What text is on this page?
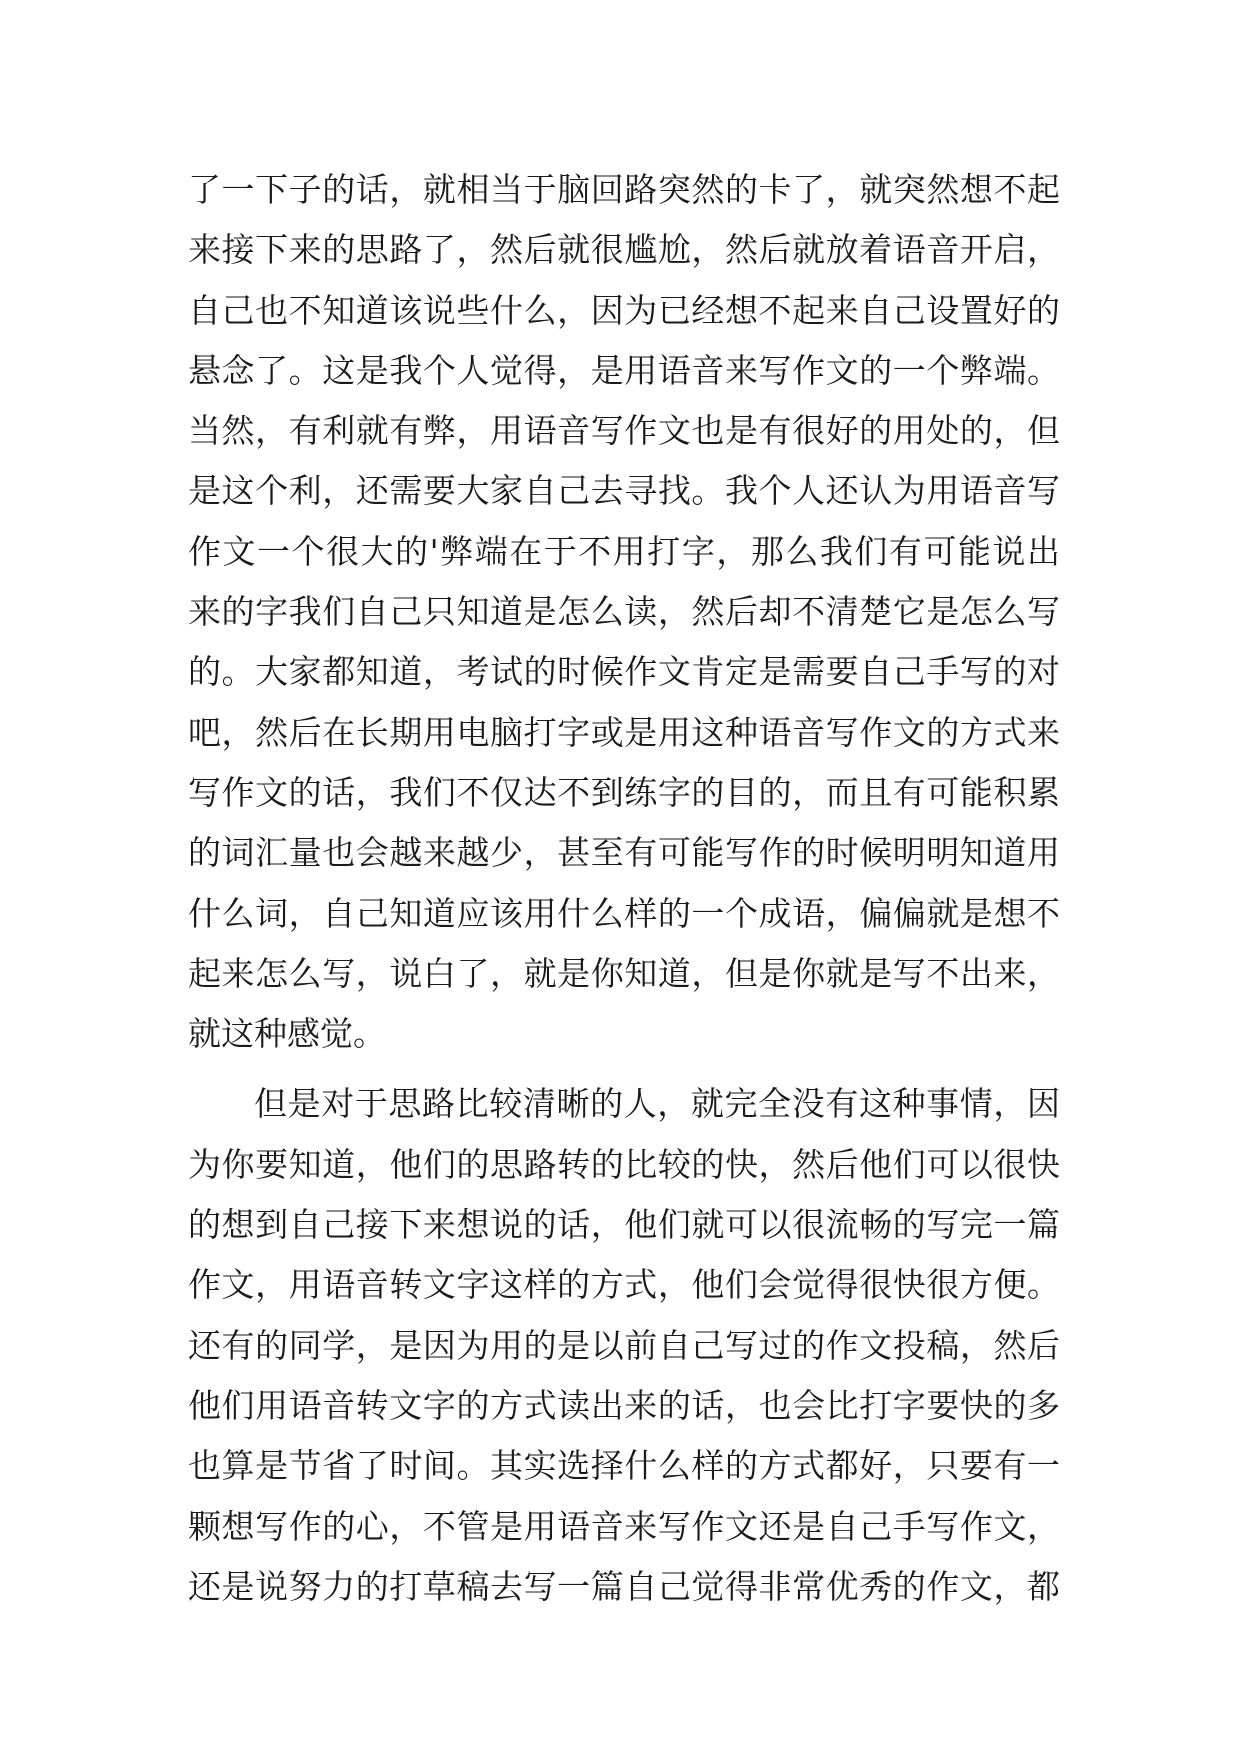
了一下子的话，就相当于脑回路突然的卡了，就突然想不起
来接下来的思路了，然后就很尴尬，然后就放着语音开启，
自己也不知道该说些什么，因为已经想不起来自己设置好的
悬念了。这是我个人觉得，是用语音来写作文的一个弊端。
当然，有利就有弊，用语音写作文也是有很好的用处的，但
是这个利，还需要大家自己去寻找。我个人还认为用语音写
作文一个很大的'弊端在于不用打字，那么我们有可能说出
来的字我们自己只知道是怎么读，然后却不清楚它是怎么写
的。大家都知道，考试的时候作文肯定是需要自己手写的对
吧，然后在长期用电脑打字或是用这种语音写作文的方式来
写作文的话，我们不仅达不到练字的目的，而且有可能积累
的词汇量也会越来越少，甚至有可能写作的时候明明知道用
什么词，自己知道应该用什么样的一个成语，偏偏就是想不
起来怎么写，说白了，就是你知道，但是你就是写不出来，
就这种感觉。
但是对于思路比较清晰的人，就完全没有这种事情，因
为你要知道，他们的思路转的比较的快，然后他们可以很快
的想到自己接下来想说的话，他们就可以很流畅的写完一篇
作文，用语音转文字这样的方式，他们会觉得很快很方便。
还有的同学，是因为用的是以前自己写过的作文投稿，然后
他们用语音转文字的方式读出来的话，也会比打字要快的多
也算是节省了时间。其实选择什么样的方式都好，只要有一
颗想写作的心，不管是用语音来写作文还是自己手写作文，
还是说努力的打草稿去写一篇自己觉得非常优秀的作文，都
